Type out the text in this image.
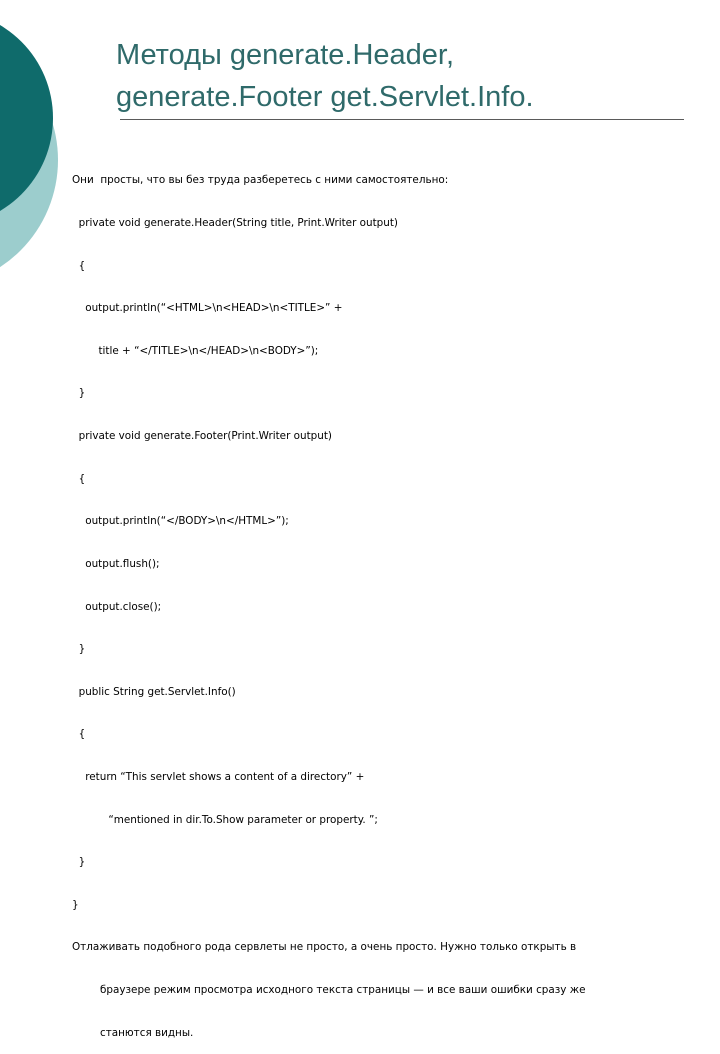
Методы generate.Header,
generate.Footer get.Servlet.Info.

Они  просты, что вы без труда разберетесь с ними самостоятельно:

private void generate.Header(String title, Print.Writer output)

{

output.println(“<HTML>\n<HEAD>\n<TITLE>” +

title + “</TITLE>\n</HEAD>\n<BODY>”);

}

private void generate.Footer(Print.Writer output)

{

output.println(“</BODY>\n</HTML>”);

output.flush();

output.close();

}

public String get.Servlet.Info()

{

return “This servlet shows a content of a directory” +

“mentioned in dir.To.Show parameter or property. ”;

}

}

Отлаживать подобного рода сервлеты не просто, а очень просто. Нужно только открыть в

браузере режим просмотра исходного текста страницы — и все ваши ошибки сразу же

станются видны.
